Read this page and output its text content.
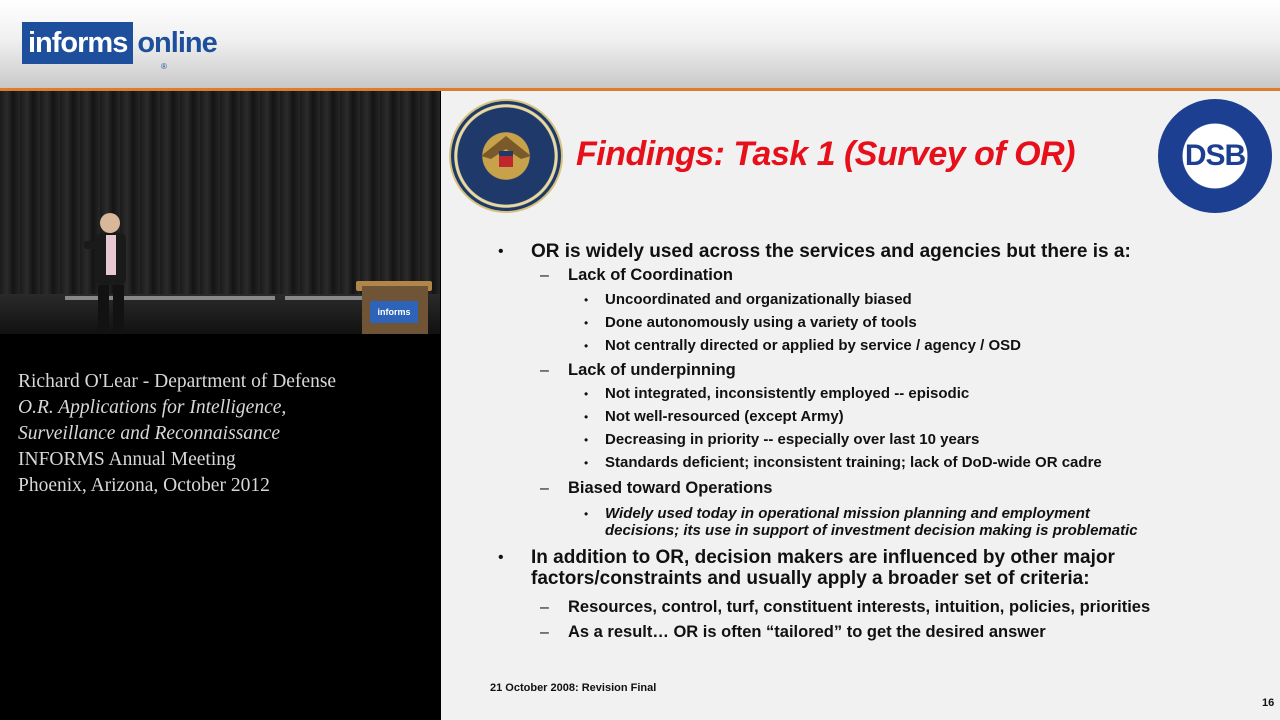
informs online
®
informs
Richard O'Lear - Department of Defense
O.R. Applications for Intelligence,
Surveillance and Reconnaissance
INFORMS Annual Meeting
Phoenix, Arizona, October 2012
Findings: Task 1 (Survey of OR)	DSB
• OR is widely used across the services and agencies but there is a:
– Lack of Coordination
• Uncoordinated and organizationally biased
• Done autonomously using a variety of tools
• Not centrally directed or applied by service / agency / OSD
– Lack of underpinning
• Not integrated, inconsistently employed -- episodic
• Not well-resourced (except Army)
• Decreasing in priority -- especially over last 10 years
• Standards deficient; inconsistent training; lack of DoD-wide OR cadre
– Biased toward Operations
• Widely used today in operational mission planning and employment
decisions; its use in support of investment decision making is problematic
• In addition to OR, decision makers are influenced by other major
factors/constraints and usually apply a broader set of criteria:
– Resources, control, turf, constituent interests, intuition, policies, priorities
– As a result… OR is often “tailored” to get the desired answer
21 October 2008: Revision Final
16
